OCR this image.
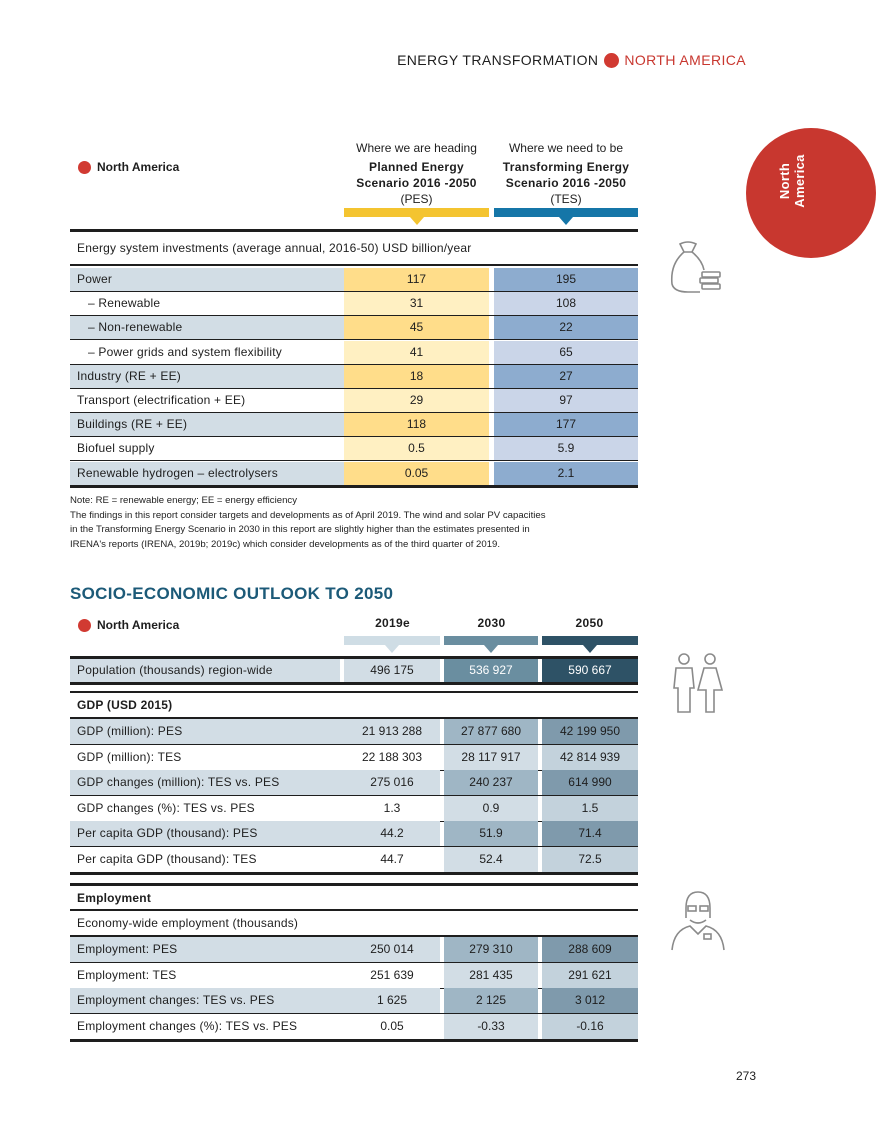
ENERGY TRANSFORMATION NORTH AMERICA
North America
North America
Where we are heading
Planned Energy
Scenario 2016 -2050
(PES)
Where we need to be
Transforming Energy
Scenario 2016 -2050
(TES)
Energy system investments (average annual, 2016-50) USD billion/year
Power	117	195
– Renewable	31	108
– Non-renewable	45	22
– Power grids and system flexibility	41	65
Industry (RE + EE)	18	27
Transport (electrification + EE)	29	97
Buildings (RE + EE)	118	177
Biofuel supply	0.5	5.9
Renewable hydrogen – electrolysers	0.05	2.1
Note: RE = renewable energy; EE = energy efficiency
The findings in this report consider targets and developments as of April 2019. The wind and solar PV capacities
in the Transforming Energy Scenario in 2030 in this report are slightly higher than the estimates presented in
IRENA's reports (IRENA, 2019b; 2019c) which consider developments as of the third quarter of 2019.
SOCIO-ECONOMIC OUTLOOK TO 2050
North America	2019e	2030	2050
Population (thousands) region-wide	496 175	536 927	590 667
GDP (USD 2015)
GDP (million): PES	21 913 288	27 877 680	42 199 950
GDP (million): TES	22 188 303	28 117 917	42 814 939
GDP changes (million): TES vs. PES	275 016	240 237	614 990
GDP changes (%): TES vs. PES	1.3	0.9	1.5
Per capita GDP (thousand): PES	44.2	51.9	71.4
Per capita GDP (thousand): TES	44.7	52.4	72.5
Employment
Economy-wide employment (thousands)
Employment: PES	250 014	279 310	288 609
Employment: TES	251 639	281 435	291 621
Employment changes: TES vs. PES	1 625	2 125	3 012
Employment changes (%): TES vs. PES	0.05	-0.33	-0.16
273
